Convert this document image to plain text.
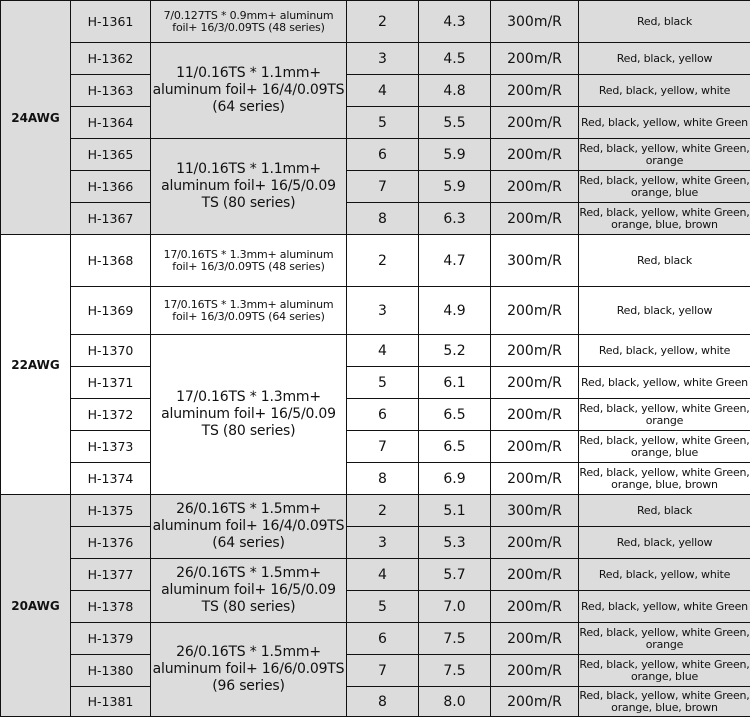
24AWG	H-1361	7/0.127TS * 0.9mm+ aluminum foil+ 16/3/0.09TS (48 series)	2	4.3	300m/R	Red, black
	H-1362	11/0.16TS * 1.1mm+ aluminum foil+ 16/4/0.09TS (64 series)	3	4.5	200m/R	Red, black, yellow
	H-1363		4	4.8	200m/R	Red, black, yellow, white
	H-1364		5	5.5	200m/R	Red, black, yellow, white Green
	H-1365	11/0.16TS * 1.1mm+ aluminum foil+ 16/5/0.09 TS (80 series)	6	5.9	200m/R	Red, black, yellow, white Green, orange
	H-1366		7	5.9	200m/R	Red, black, yellow, white Green, orange, blue
	H-1367		8	6.3	200m/R	Red, black, yellow, white Green, orange, blue, brown
22AWG	H-1368	17/0.16TS * 1.3mm+ aluminum foil+ 16/3/0.09TS (48 series)	2	4.7	300m/R	Red, black
	H-1369	17/0.16TS * 1.3mm+ aluminum foil+ 16/3/0.09TS (64 series)	3	4.9	200m/R	Red, black, yellow
	H-1370	17/0.16TS * 1.3mm+ aluminum foil+ 16/5/0.09 TS (80 series)	4	5.2	200m/R	Red, black, yellow, white
	H-1371		5	6.1	200m/R	Red, black, yellow, white Green
	H-1372		6	6.5	200m/R	Red, black, yellow, white Green, orange
	H-1373		7	6.5	200m/R	Red, black, yellow, white Green, orange, blue
	H-1374		8	6.9	200m/R	Red, black, yellow, white Green, orange, blue, brown
20AWG	H-1375	26/0.16TS * 1.5mm+ aluminum foil+ 16/4/0.09TS (64 series)	2	5.1	300m/R	Red, black
	H-1376		3	5.3	200m/R	Red, black, yellow
	H-1377	26/0.16TS * 1.5mm+ aluminum foil+ 16/5/0.09 TS (80 series)	4	5.7	200m/R	Red, black, yellow, white
	H-1378		5	7.0	200m/R	Red, black, yellow, white Green
	H-1379	26/0.16TS * 1.5mm+ aluminum foil+ 16/6/0.09TS (96 series)	6	7.5	200m/R	Red, black, yellow, white Green, orange
	H-1380		7	7.5	200m/R	Red, black, yellow, white Green, orange, blue
	H-1381		8	8.0	200m/R	Red, black, yellow, white Green, orange, blue, brown
